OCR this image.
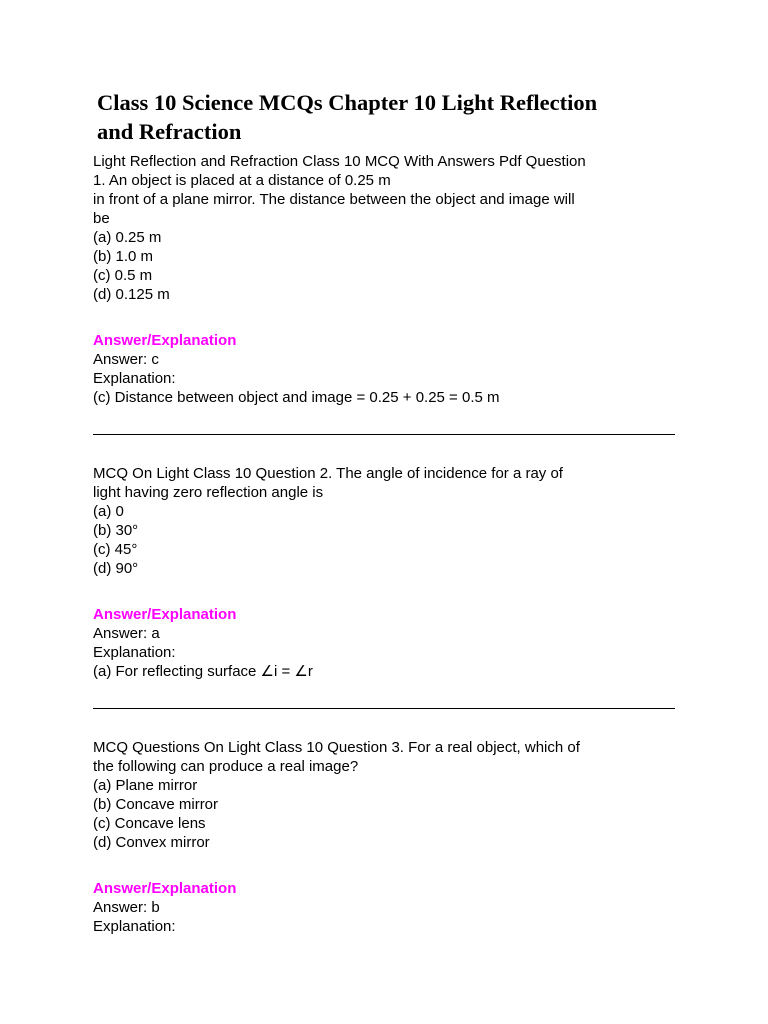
Class 10 Science MCQs Chapter 10 Light Reflection
and Refraction
Light Reflection and Refraction Class 10 MCQ With Answers Pdf Question
1. An object is placed at a distance of 0.25 m
in front of a plane mirror. The distance between the object and image will
be
(a) 0.25 m
(b) 1.0 m
(c) 0.5 m
(d) 0.125 m
Answer/Explanation
Answer: c
Explanation:
(c) Distance between object and image = 0.25 + 0.25 = 0.5 m
MCQ On Light Class 10 Question 2. The angle of incidence for a ray of
light having zero reflection angle is
(a) 0
(b) 30°
(c) 45°
(d) 90°
Answer/Explanation
Answer: a
Explanation:
(a) For reflecting surface ∠i = ∠r
MCQ Questions On Light Class 10 Question 3. For a real object, which of
the following can produce a real image?
(a) Plane mirror
(b) Concave mirror
(c) Concave lens
(d) Convex mirror
Answer/Explanation
Answer: b
Explanation:
